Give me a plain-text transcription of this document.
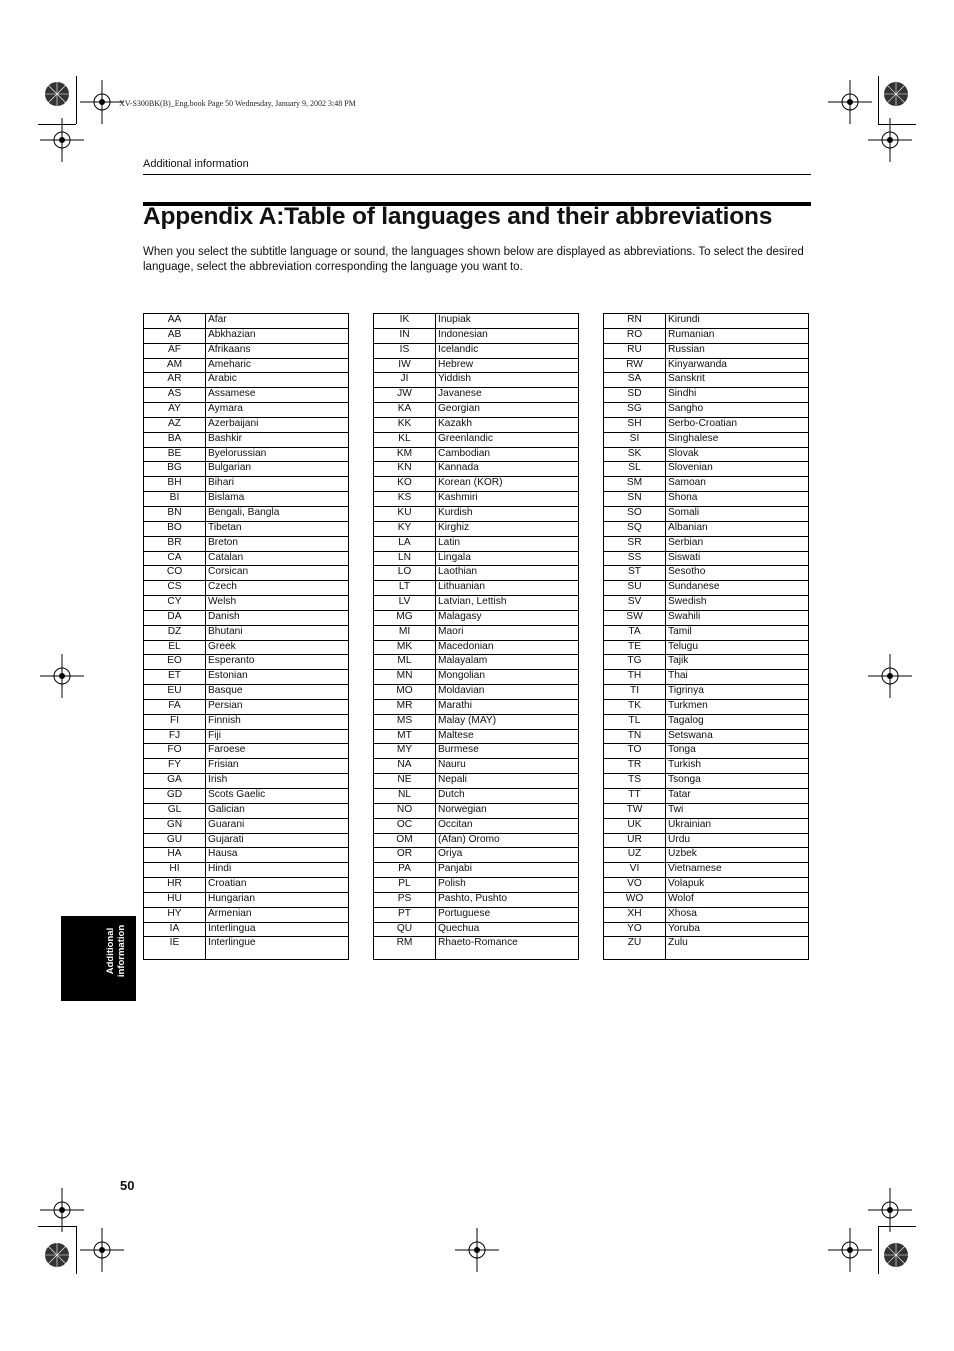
XV-S300BK(B)_Eng.book Page 50 Wednesday, January 9, 2002 3:48 PM
Additional information
Appendix A:Table of languages and their abbreviations
When you select the subtitle language or sound, the languages shown below are displayed as abbreviations. To select the desired language, select the abbreviation corresponding the language you want to.
AA	Afar
AB	Abkhazian
AF	Afrikaans
AM	Ameharic
AR	Arabic
AS	Assamese
AY	Aymara
AZ	Azerbaijani
BA	Bashkir
BE	Byelorussian
BG	Bulgarian
BH	Bihari
BI	Bislama
BN	Bengali, Bangla
BO	Tibetan
BR	Breton
CA	Catalan
CO	Corsican
CS	Czech
CY	Welsh
DA	Danish
DZ	Bhutani
EL	Greek
EO	Esperanto
ET	Estonian
EU	Basque
FA	Persian
FI	Finnish
FJ	Fiji
FO	Faroese
FY	Frisian
GA	Irish
GD	Scots Gaelic
GL	Galician
GN	Guarani
GU	Gujarati
HA	Hausa
HI	Hindi
HR	Croatian
HU	Hungarian
HY	Armenian
IA	Interlingua
IE	Interlingue
IK	Inupiak
IN	Indonesian
IS	Icelandic
IW	Hebrew
JI	Yiddish
JW	Javanese
KA	Georgian
KK	Kazakh
KL	Greenlandic
KM	Cambodian
KN	Kannada
KO	Korean (KOR)
KS	Kashmiri
KU	Kurdish
KY	Kirghiz
LA	Latin
LN	Lingala
LO	Laothian
LT	Lithuanian
LV	Latvian, Lettish
MG	Malagasy
MI	Maori
MK	Macedonian
ML	Malayalam
MN	Mongolian
MO	Moldavian
MR	Marathi
MS	Malay (MAY)
MT	Maltese
MY	Burmese
NA	Nauru
NE	Nepali
NL	Dutch
NO	Norwegian
OC	Occitan
OM	(Afan) Oromo
OR	Oriya
PA	Panjabi
PL	Polish
PS	Pashto, Pushto
PT	Portuguese
QU	Quechua
RM	Rhaeto-Romance
RN	Kirundi
RO	Rumanian
RU	Russian
RW	Kinyarwanda
SA	Sanskrit
SD	Sindhi
SG	Sangho
SH	Serbo-Croatian
SI	Singhalese
SK	Slovak
SL	Slovenian
SM	Samoan
SN	Shona
SO	Somali
SQ	Albanian
SR	Serbian
SS	Siswati
ST	Sesotho
SU	Sundanese
SV	Swedish
SW	Swahili
TA	Tamil
TE	Telugu
TG	Tajik
TH	Thai
TI	Tigrinya
TK	Turkmen
TL	Tagalog
TN	Setswana
TO	Tonga
TR	Turkish
TS	Tsonga
TT	Tatar
TW	Twi
UK	Ukrainian
UR	Urdu
UZ	Uzbek
VI	Vietnamese
VO	Volapuk
WO	Wolof
XH	Xhosa
YO	Yoruba
ZU	Zulu
Additional
information
50
